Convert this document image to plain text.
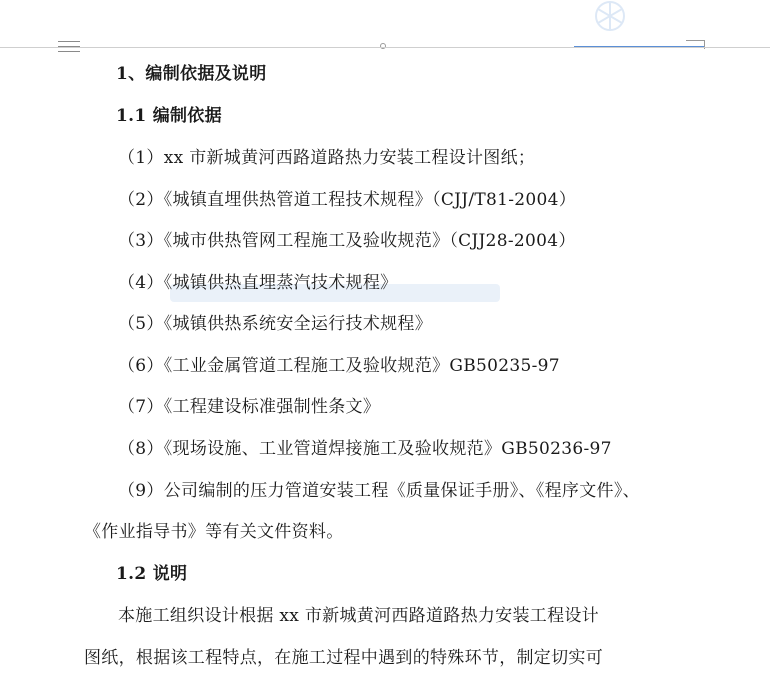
1、编制依据及说明
1.1 编制依据
（1）xx 市新城黄河西路道路热力安装工程设计图纸；
（2）《城镇直埋供热管道工程技术规程》（CJJ/T81-2004）
（3）《城市供热管网工程施工及验收规范》（CJJ28-2004）
（4）《城镇供热直埋蒸汽技术规程》
（5）《城镇供热系统安全运行技术规程》
（6）《工业金属管道工程施工及验收规范》GB50235-97
（7）《工程建设标准强制性条文》
（8）《现场设施、工业管道焊接施工及验收规范》GB50236-97
（9）公司编制的压力管道安装工程《质量保证手册》、《程序文件》、
《作业指导书》等有关文件资料。
1.2 说明
本施工组织设计根据 xx 市新城黄河西路道路热力安装工程设计
图纸，根据该工程特点，在施工过程中遇到的特殊环节，制定切实可
